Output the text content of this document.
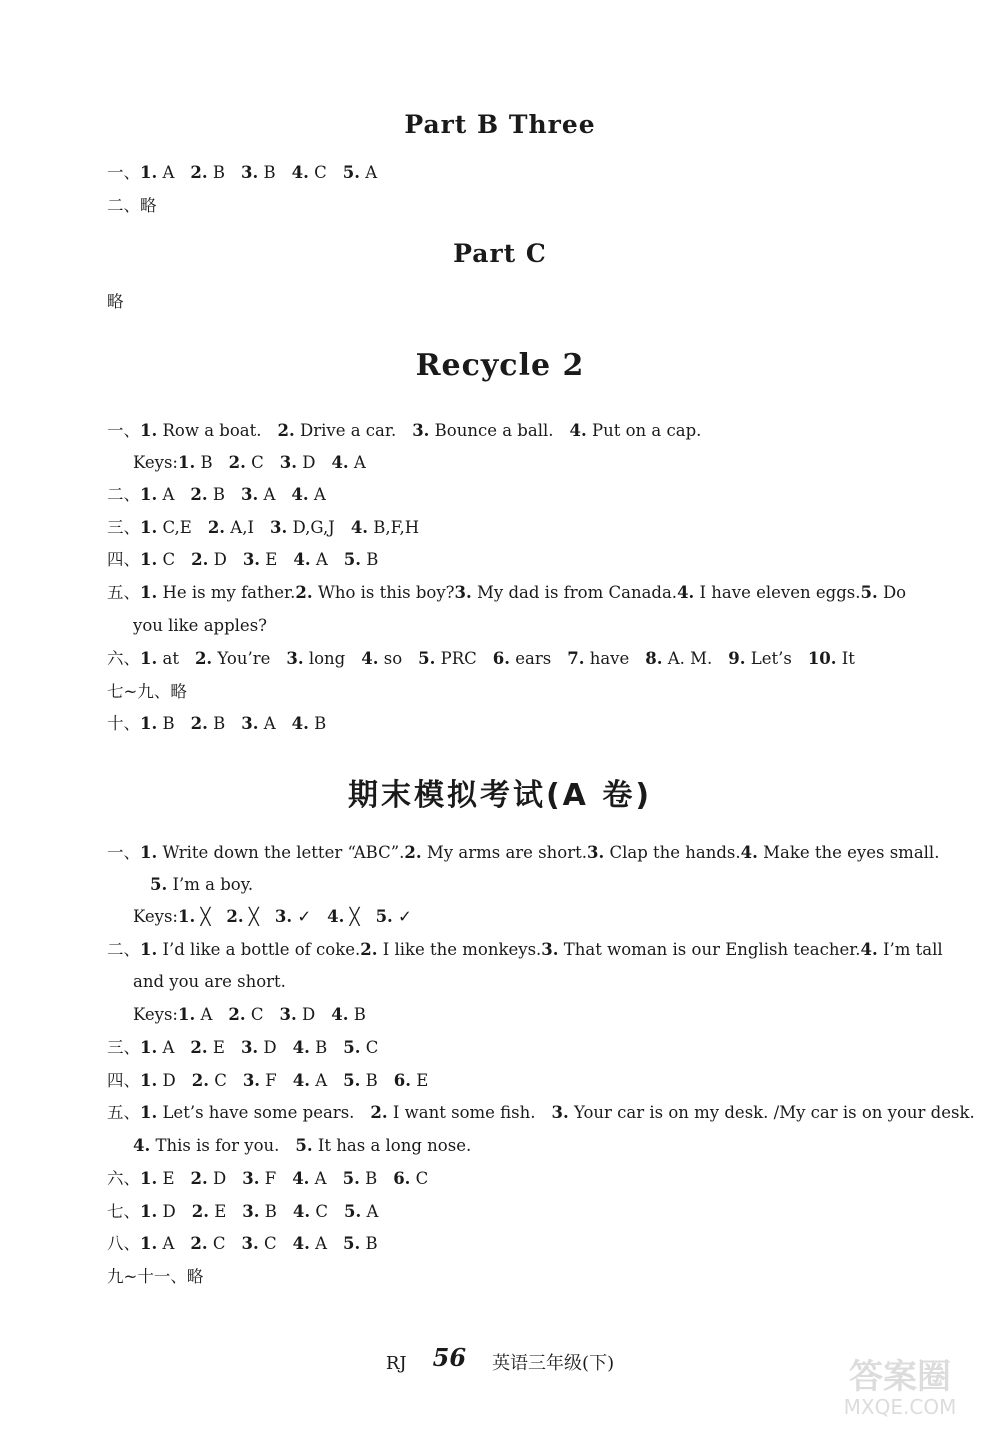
Part B Three
一、1. A 2. B 3. B 4. C 5. A
二、略
Part C
略
Recycle 2
一、1. Row a boat. 2. Drive a car. 3. Bounce a ball. 4. Put on a cap.
Keys:1. B 2. C 3. D 4. A
二、1. A 2. B 3. A 4. A
三、1. C,E 2. A,I 3. D,G,J 4. B,F,H
四、1. C 2. D 3. E 4. A 5. B
五、1. He is my father. 2. Who is this boy? 3. My dad is from Canada. 4. I have eleven eggs. 5. Do
you like apples?
六、1. at 2. You’re 3. long 4. so 5. PRC 6. ears 7. have 8. A. M. 9. Let’s 10. It
七~九、略
十、1. B 2. B 3. A 4. B
期末模拟考试(A 卷)
一、1. Write down the letter “ABC”. 2. My arms are short. 3. Clap the hands. 4. Make the eyes small.
5. I’m a boy.
Keys:1. ╳ 2. ╳ 3. ✓ 4. ╳ 5. ✓
二、1. I’d like a bottle of coke. 2. I like the monkeys. 3. That woman is our English teacher. 4. I’m tall
and you are short.
Keys:1. A 2. C 3. D 4. B
三、1. A 2. E 3. D 4. B 5. C
四、1. D 2. C 3. F 4. A 5. B 6. E
五、1. Let’s have some pears. 2. I want some fish. 3. Your car is on my desk. /My car is on your desk.
4. This is for you. 5. It has a long nose.
六、1. E 2. D 3. F 4. A 5. B 6. C
七、1. D 2. E 3. B 4. C 5. A
八、1. A 2. C 3. C 4. A 5. B
九~十一、略
RJ 56 英语三年级(下)	答案圈
MXQE.COM
